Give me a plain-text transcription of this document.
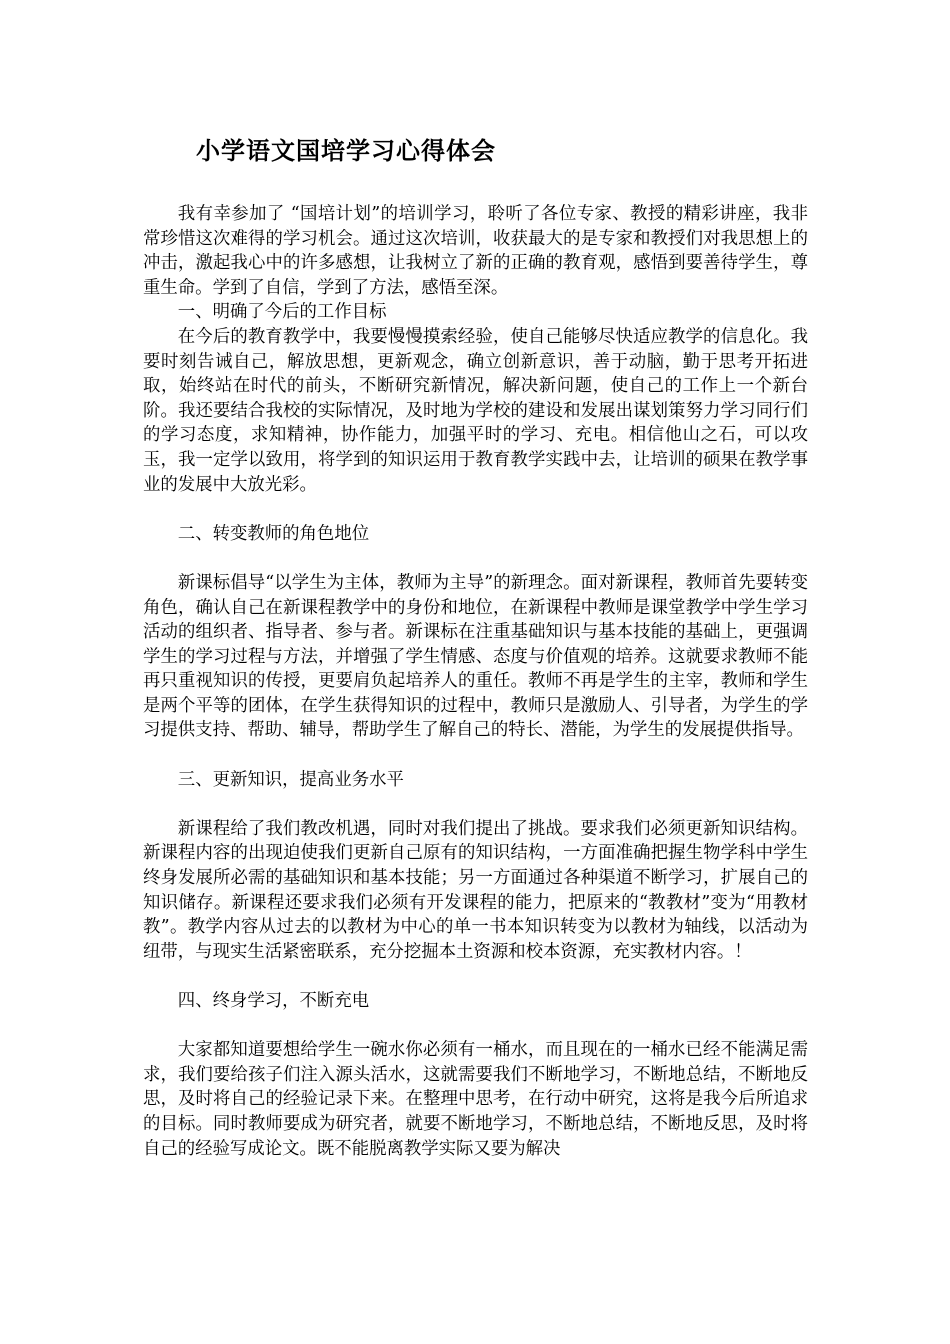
小学语文国培学习心得体会

我有幸参加了 “国培计划”的培训学习，聆听了各位专家、教授的精彩讲座，我非常珍惜这次难得的学习机会。通过这次培训，收获最大的是专家和教授们对我思想上的冲击，激起我心中的许多感想，让我树立了新的正确的教育观，感悟到要善待学生，尊重生命。学到了自信，学到了方法，感悟至深。

一、明确了今后的工作目标

在今后的教育教学中，我要慢慢摸索经验，使自己能够尽快适应教学的信息化。我要时刻告诫自己，解放思想，更新观念，确立创新意识，善于动脑，勤于思考开拓进取，始终站在时代的前头，不断研究新情况，解决新问题，使自己的工作上一个新台阶。我还要结合我校的实际情况，及时地为学校的建设和发展出谋划策努力学习同行们的学习态度，求知精神，协作能力，加强平时的学习、充电。相信他山之石，可以攻玉，我一定学以致用，将学到的知识运用于教育教学实践中去，让培训的硕果在教学事业的发展中大放光彩。

二、转变教师的角色地位

新课标倡导“以学生为主体，教师为主导”的新理念。面对新课程，教师首先要转变角色，确认自己在新课程教学中的身份和地位，在新课程中教师是课堂教学中学生学习活动的组织者、指导者、参与者。新课标在注重基础知识与基本技能的基础上，更强调学生的学习过程与方法，并增强了学生情感、态度与价值观的培养。这就要求教师不能再只重视知识的传授，更要肩负起培养人的重任。教师不再是学生的主宰，教师和学生是两个平等的团体，在学生获得知识的过程中，教师只是激励人、引导者，为学生的学习提供支持、帮助、辅导，帮助学生了解自己的特长、潜能，为学生的发展提供指导。

三、更新知识，提高业务水平

新课程给了我们教改机遇，同时对我们提出了挑战。要求我们必须更新知识结构。新课程内容的出现迫使我们更新自己原有的知识结构，一方面准确把握生物学科中学生终身发展所必需的基础知识和基本技能；另一方面通过各种渠道不断学习，扩展自己的知识储存。新课程还要求我们必须有开发课程的能力，把原来的“教教材”变为“用教材教”。教学内容从过去的以教材为中心的单一书本知识转变为以教材为轴线，以活动为纽带，与现实生活紧密联系，充分挖掘本土资源和校本资源，充实教材内容。！

四、终身学习，不断充电

大家都知道要想给学生一碗水你必须有一桶水，而且现在的一桶水已经不能满足需求，我们要给孩子们注入源头活水，这就需要我们不断地学习，不断地总结，不断地反思，及时将自己的经验记录下来。在整理中思考，在行动中研究，这将是我今后所追求的目标。同时教师要成为研究者，就要不断地学习，不断地总结，不断地反思，及时将自己的经验写成论文。既不能脱离教学实际又要为解决
